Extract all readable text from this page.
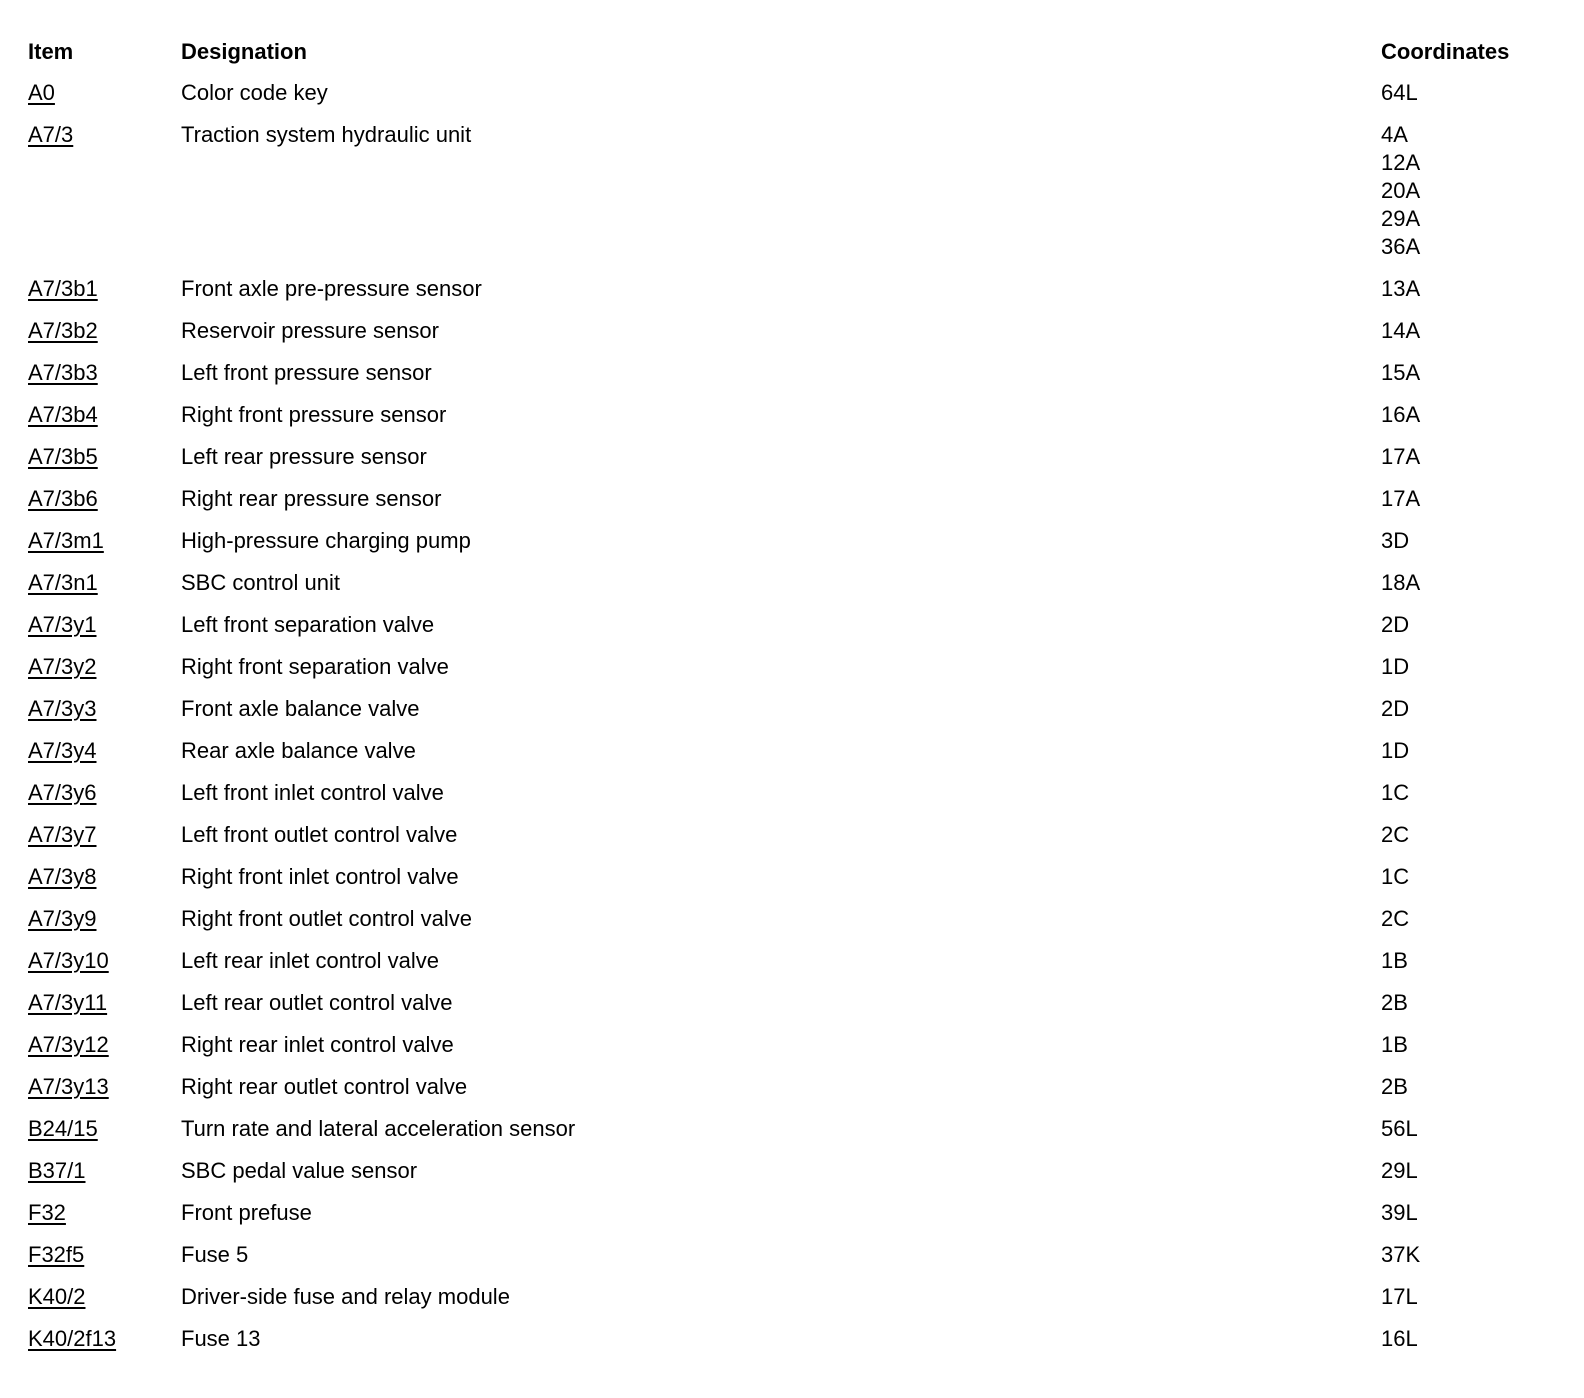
Item	Designation	Coordinates
A0	Color code key	64L
A7/3	Traction system hydraulic unit	4A
12A
20A
29A
36A
A7/3b1	Front axle pre-pressure sensor	13A
A7/3b2	Reservoir pressure sensor	14A
A7/3b3	Left front pressure sensor	15A
A7/3b4	Right front pressure sensor	16A
A7/3b5	Left rear pressure sensor	17A
A7/3b6	Right rear pressure sensor	17A
A7/3m1	High-pressure charging pump	3D
A7/3n1	SBC control unit	18A
A7/3y1	Left front separation valve	2D
A7/3y2	Right front separation valve	1D
A7/3y3	Front axle balance valve	2D
A7/3y4	Rear axle balance valve	1D
A7/3y6	Left front inlet control valve	1C
A7/3y7	Left front outlet control valve	2C
A7/3y8	Right front inlet control valve	1C
A7/3y9	Right front outlet control valve	2C
A7/3y10	Left rear inlet control valve	1B
A7/3y11	Left rear outlet control valve	2B
A7/3y12	Right rear inlet control valve	1B
A7/3y13	Right rear outlet control valve	2B
B24/15	Turn rate and lateral acceleration sensor	56L
B37/1	SBC pedal value sensor	29L
F32	Front prefuse	39L
F32f5	Fuse 5	37K
K40/2	Driver-side fuse and relay module	17L
K40/2f13	Fuse 13	16L
